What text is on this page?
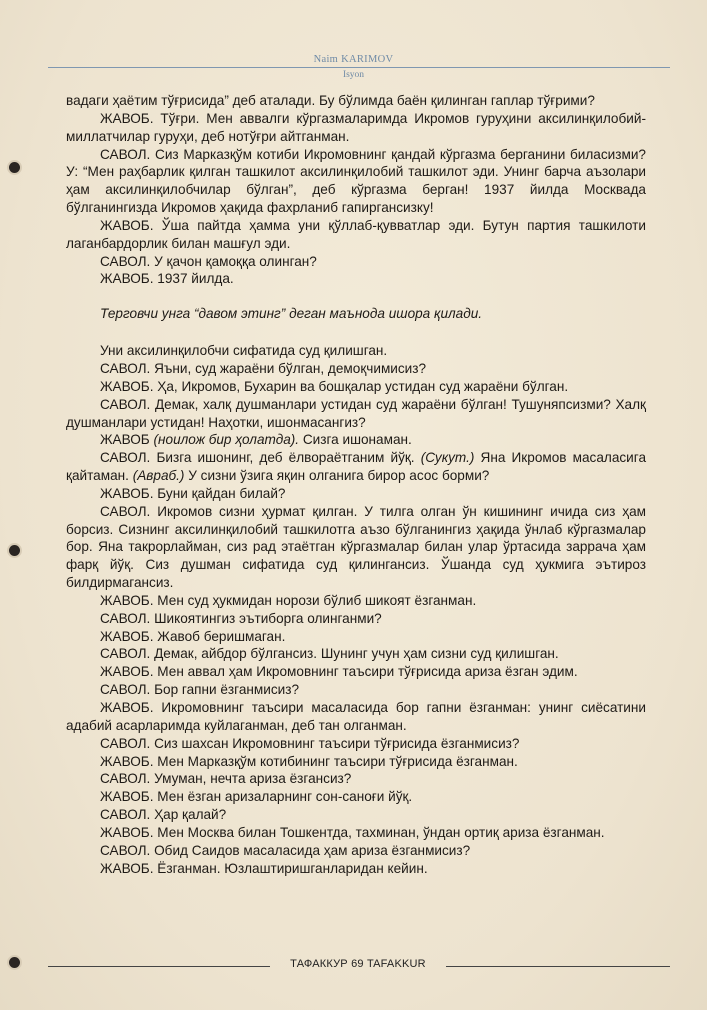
Naim KARIMOV
Isyon

вадаги ҳаётим тўғрисида” деб аталади. Бу бўлимда баён қилинган гаплар тўғрими?

ЖАВОБ. Тўғри. Мен аввалги кўргазмаларимда Икромов гуруҳини аксилинқилобий-миллатчилар гуруҳи, деб нотўғри айтганман.

САВОЛ. Сиз Марказқўм котиби Икромовнинг қандай кўргазма берганини биласизми? У: “Мен раҳбарлик қилган ташкилот аксилинқилобий ташкилот эди. Унинг барча аъзолари ҳам аксилинқилобчилар бўлган”, деб кўргазма берган! 1937 йилда Москвада бўлганингизда Икромов ҳақида фахрланиб гапиргансизку!

ЖАВОБ. Ўша пайтда ҳамма уни қўллаб-қувватлар эди. Бутун партия ташкилоти лаганбардорлик билан машғул эди.

САВОЛ. У қачон қамоққа олинган?

ЖАВОБ. 1937 йилда.

Терговчи унга “давом этинг” деган маънода ишора қилади.

Уни аксилинқилобчи сифатида суд қилишган.

САВОЛ. Яъни, суд жараёни бўлган, демоқчимисиз?

ЖАВОБ. Ҳа, Икромов, Бухарин ва бошқалар устидан суд жараёни бўлган.

САВОЛ. Демак, халқ душманлари устидан суд жараёни бўлган! Тушуняпсизми? Халқ душманлари устидан! Наҳотки, ишонмасангиз?

ЖАВОБ (ноилож бир ҳолатда). Сизга ишонаман.

САВОЛ. Бизга ишонинг, деб ёлвораётганим йўқ. (Сукут.) Яна Икромов масаласига қайтаман. (Авраб.) У сизни ўзига яқин олганига бирор асос борми?

ЖАВОБ. Буни қайдан билай?

САВОЛ. Икромов сизни ҳурмат қилган. У тилга олган ўн кишининг ичида сиз ҳам борсиз. Сизнинг аксилинқилобий ташкилотга аъзо бўлганингиз ҳақида ўнлаб кўргазмалар бор. Яна такрорлайман, сиз рад этаётган кўргазмалар билан улар ўртасида заррача ҳам фарқ йўқ. Сиз душман сифатида суд қилингансиз. Ўшанда суд ҳукмига эътироз билдирмагансиз.

ЖАВОБ. Мен суд ҳукмидан норози бўлиб шикоят ёзганман.

САВОЛ. Шикоятингиз эътиборга олинганми?

ЖАВОБ. Жавоб беришмаган.

САВОЛ. Демак, айбдор бўлгансиз. Шунинг учун ҳам сизни суд қилишган.

ЖАВОБ. Мен аввал ҳам Икромовнинг таъсири тўғрисида ариза ёзган эдим.

САВОЛ. Бор гапни ёзганмисиз?

ЖАВОБ. Икромовнинг таъсири масаласида бор гапни ёзганман: унинг сиёсатини адабий асарларимда куйлаганман, деб тан олганман.

САВОЛ. Сиз шахсан Икромовнинг таъсири тўғрисида ёзганмисиз?

ЖАВОБ. Мен Марказқўм котибининг таъсири тўғрисида ёзганман.

САВОЛ. Умуман, нечта ариза ёзгансиз?

ЖАВОБ. Мен ёзган аризаларнинг сон-саноғи йўқ.

САВОЛ. Ҳар қалай?

ЖАВОБ. Мен Москва билан Тошкентда, тахминан, ўндан ортиқ ариза ёзганман.

САВОЛ. Обид Саидов масаласида ҳам ариза ёзганмисиз?

ЖАВОБ. Ёзганман. Юзлаштиришганларидан кейин.

ТАФАККУР 69 TAFAKKUR
